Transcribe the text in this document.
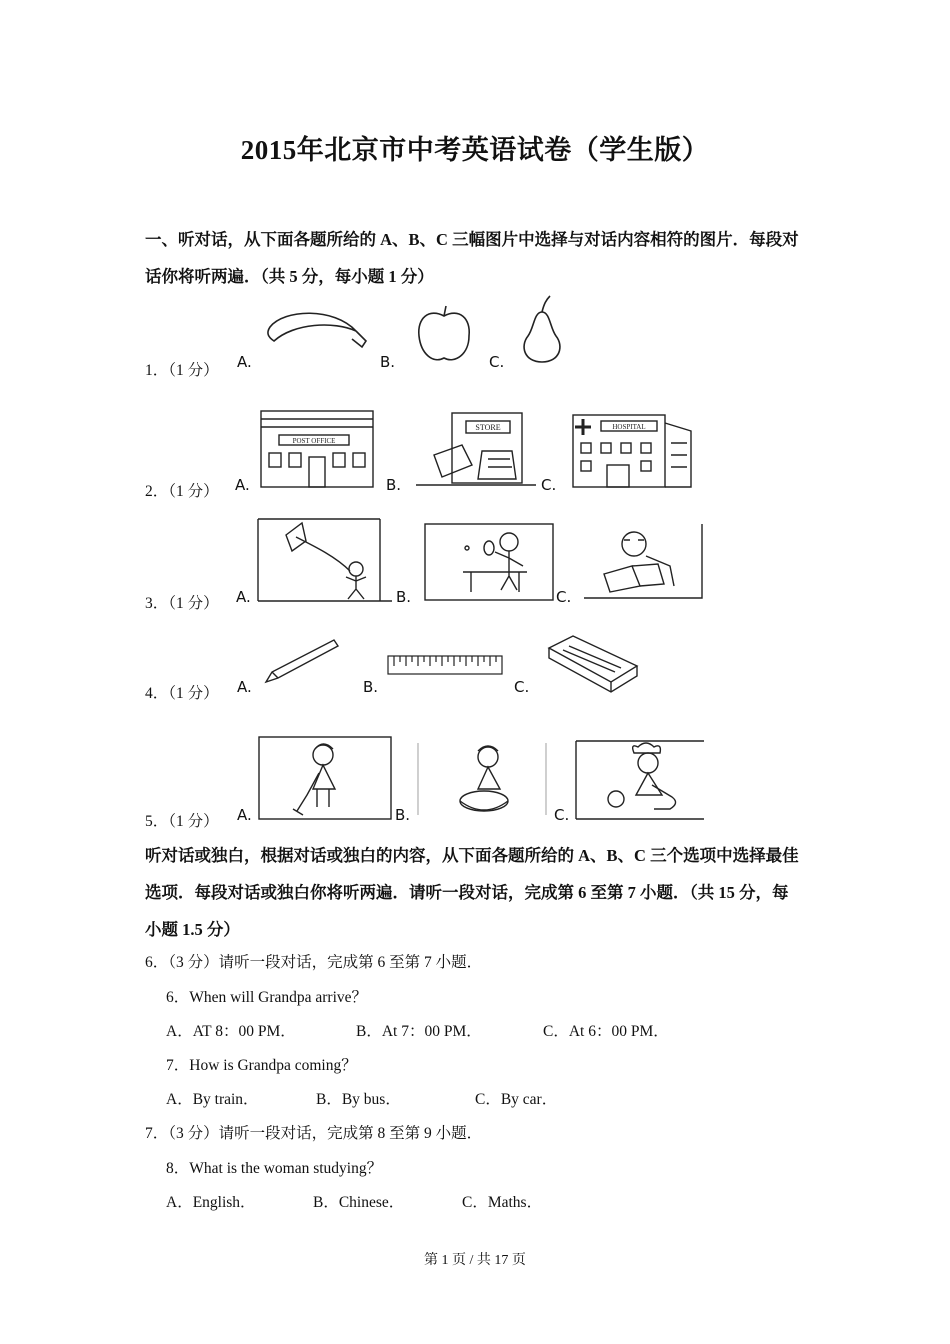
2015年北京市中考英语试卷（学生版）
一、听对话，从下面各题所给的 A、B、C 三幅图片中选择与对话内容相符的图片．每段对
话你将听两遍．（共 5 分，每小题 1 分）
1．（1 分） A.	B.	C.
2．（1 分） A.	B.	C.
POST OFFICE
STORE	HOSPITAL
3．（1 分） A.	B.	C.
4．（1 分） A.	B.	C.
5．（1 分） A.	B.	C.
听对话或独白，根据对话或独白的内容，从下面各题所给的 A、B、C 三个选项中选择最佳
选项．每段对话或独白你将听两遍．请听一段对话，完成第 6 至第 7 小题．（共 15 分，每
小题 1.5 分）
6．（3 分）请听一段对话，完成第 6 至第 7 小题．
6．When will Grandpa arrive？
A．AT 8：00 PM．	B．At 7：00 PM．	C．At 6：00 PM．
7．How is Grandpa coming？
A．By train．	B．By bus．	C．By car．
7．（3 分）请听一段对话，完成第 8 至第 9 小题．
8．What is the woman studying？
A．English．	B．Chinese．	C．Maths．
第 1 页 / 共 17 页
